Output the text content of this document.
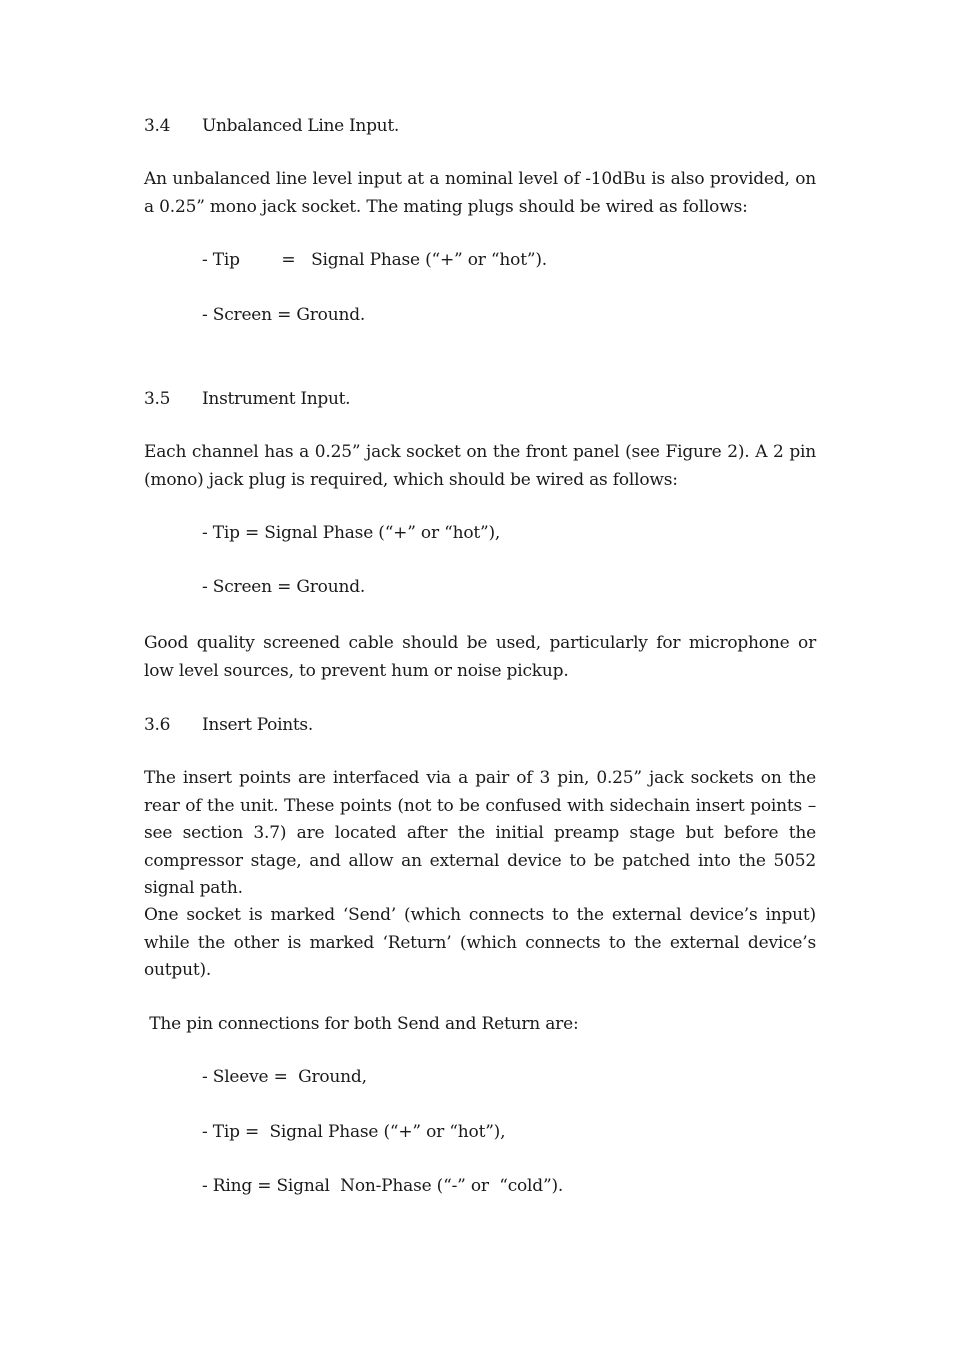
3.4 Unbalanced Line Input.
An unbalanced line level input at a nominal level of -10dBu is also provided, on a 0.25” mono jack socket. The mating plugs should be wired as follows:
- Tip        =   Signal Phase (“+” or “hot”).
- Screen = Ground.
3.5 Instrument Input.
Each channel has a 0.25” jack socket on the front panel (see Figure 2). A 2 pin (mono) jack plug is required, which should be wired as follows:
- Tip = Signal Phase (“+” or “hot”),
- Screen = Ground.
Good quality screened cable should be used, particularly for microphone or low level sources, to prevent hum or noise pickup.
3.6 Insert Points.
The insert points are interfaced via a pair of 3 pin, 0.25” jack sockets on the rear of the unit. These points (not to be confused with sidechain insert points – see section 3.7) are located after the initial preamp stage but before the compressor stage, and allow an external device to be patched into the 5052 signal path.
One socket is marked ‘Send’ (which connects to the external device’s input) while the other is marked ‘Return’ (which connects to the external device’s output).
The pin connections for both Send and Return are:
- Sleeve =  Ground,
- Tip =  Signal Phase (“+” or “hot”),
- Ring = Signal  Non-Phase (“-” or  “cold”).
